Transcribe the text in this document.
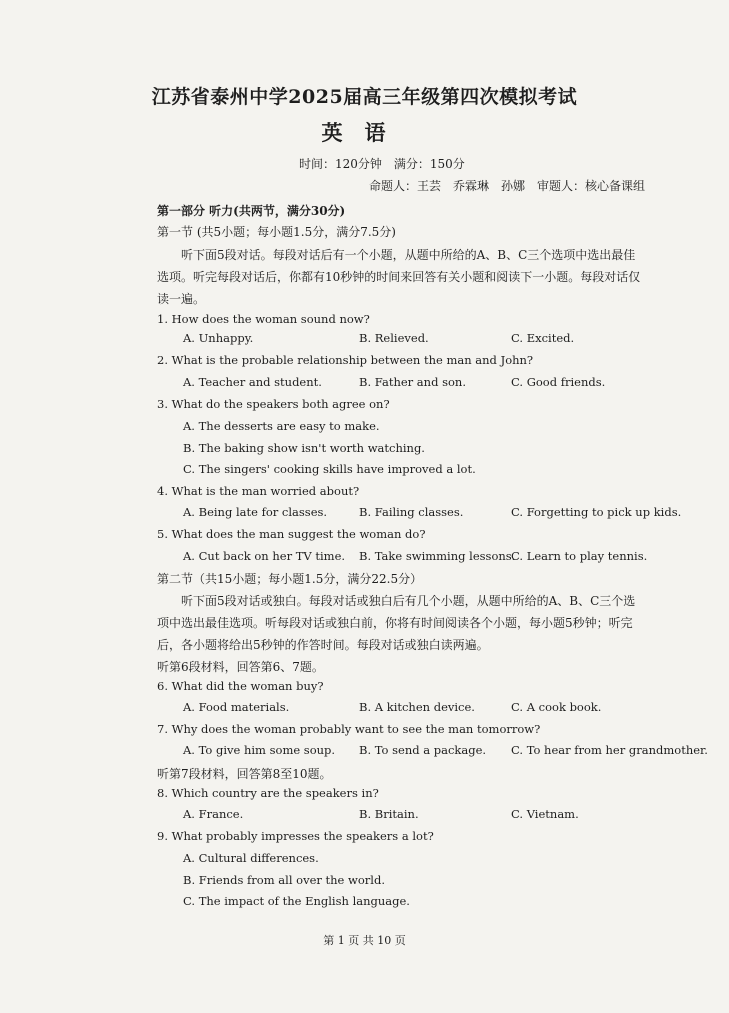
江苏省泰州中学2025届高三年级第四次模拟考试
英语
时间：120分钟　满分：150分
命题人：王芸　乔霖琳　孙娜　审题人：核心备课组
第一部分 听力(共两节，满分30分)
第一节 (共5小题；每小题1.5分，满分7.5分)
听下面5段对话。每段对话后有一个小题，从题中所给的A、B、C三个选项中选出最佳
选项。听完每段对话后，你都有10秒钟的时间来回答有关小题和阅读下一小题。每段对话仅
读一遍。
1. How does the woman sound now?
A. Unhappy.	B. Relieved.	C. Excited.
2. What is the probable relationship between the man and John?
A. Teacher and student.	B. Father and son.	C. Good friends.
3. What do the speakers both agree on?
A. The desserts are easy to make.
B. The baking show isn't worth watching.
C. The singers' cooking skills have improved a lot.
4. What is the man worried about?
A. Being late for classes.	B. Failing classes.	C. Forgetting to pick up kids.
5. What does the man suggest the woman do?
A. Cut back on her TV time. B. Take swimming lessons.
C. Learn to play tennis.
第二节（共15小题；每小题1.5分，满分22.5分）
听下面5段对话或独白。每段对话或独白后有几个小题，从题中所给的A、B、C三个选
项中选出最佳选项。听每段对话或独白前，你将有时间阅读各个小题，每小题5秒钟；听完
后，各小题将给出5秒钟的作答时间。每段对话或独白读两遍。
听第6段材料，回答第6、7题。
6. What did the woman buy?
A. Food materials.	B. A kitchen device.	C. A cook book.
7. Why does the woman probably want to see the man tomorrow?
A. To give him some soup. B. To send a package. C. To hear from her grandmother.
听第7段材料，回答第8至10题。
8. Which country are the speakers in?
A. France.	B. Britain.	C. Vietnam.
9. What probably impresses the speakers a lot?
A. Cultural differences.
B. Friends from all over the world.
C. The impact of the English language.
第 1 页 共 10 页
